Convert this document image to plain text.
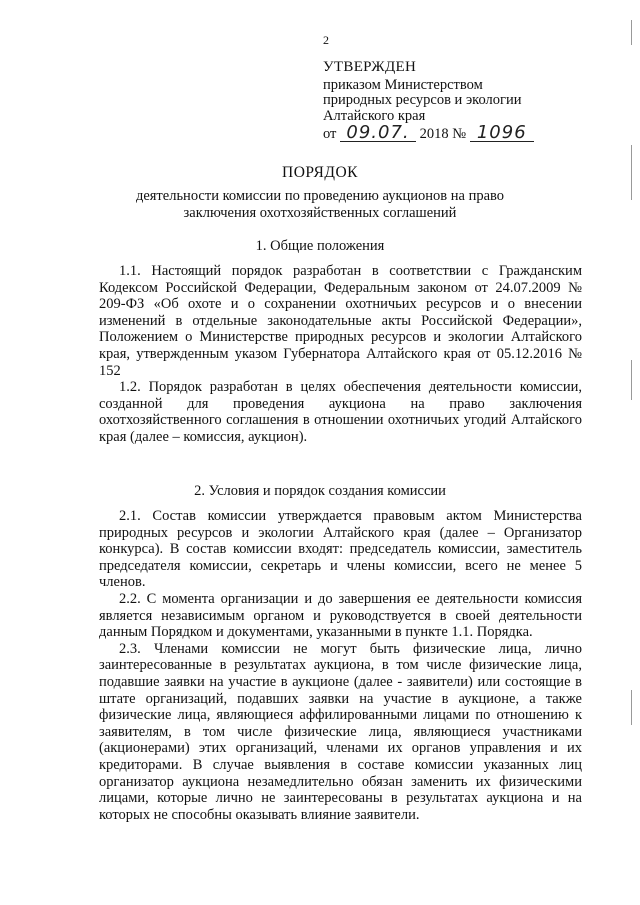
2
УТВЕРЖДЕН
приказом Министерством
природных ресурсов и экологии
Алтайского края
от 09.07. 2018 № 1096
ПОРЯДОК
деятельности комиссии по проведению аукционов на право
заключения охотхозяйственных соглашений
1. Общие положения

1.1. Настоящий порядок разработан в соответствии с Гражданским Кодексом Российской Федерации, Федеральным законом от 24.07.2009 № 209-ФЗ «Об охоте и о сохранении охотничьих ресурсов и о внесении изменений в отдельные законодательные акты Российской Федерации», Положением о Министерстве природных ресурсов и экологии Алтайского края, утвержденным указом Губернатора Алтайского края от 05.12.2016 № 152

1.2. Порядок разработан в целях обеспечения деятельности комиссии, созданной для проведения аукциона на право заключения охотхозяйственного соглашения в отношении охотничьих угодий Алтайского края (далее – комиссия, аукцион).

2. Условия и порядок создания комиссии

2.1. Состав комиссии утверждается правовым актом Министерства природных ресурсов и экологии Алтайского края (далее – Организатор конкурса). В состав комиссии входят: председатель комиссии, заместитель председателя комиссии, секретарь и члены комиссии, всего не менее 5 членов.

2.2. С момента организации и до завершения ее деятельности комиссия является независимым органом и руководствуется в своей деятельности данным Порядком и документами, указанными в пункте 1.1. Порядка.

2.3. Членами комиссии не могут быть физические лица, лично заинтересованные в результатах аукциона, в том числе физические лица, подавшие заявки на участие в аукционе (далее - заявители) или состоящие в штате организаций, подавших заявки на участие в аукционе, а также физические лица, являющиеся аффилированными лицами по отношению к заявителям, в том числе физические лица, являющиеся участниками (акционерами) этих организаций, членами их органов управления и их кредиторами. В случае выявления в составе комиссии указанных лиц организатор аукциона незамедлительно обязан заменить их физическими лицами, которые лично не заинтересованы в результатах аукциона и на которых не способны оказывать влияние заявители.
